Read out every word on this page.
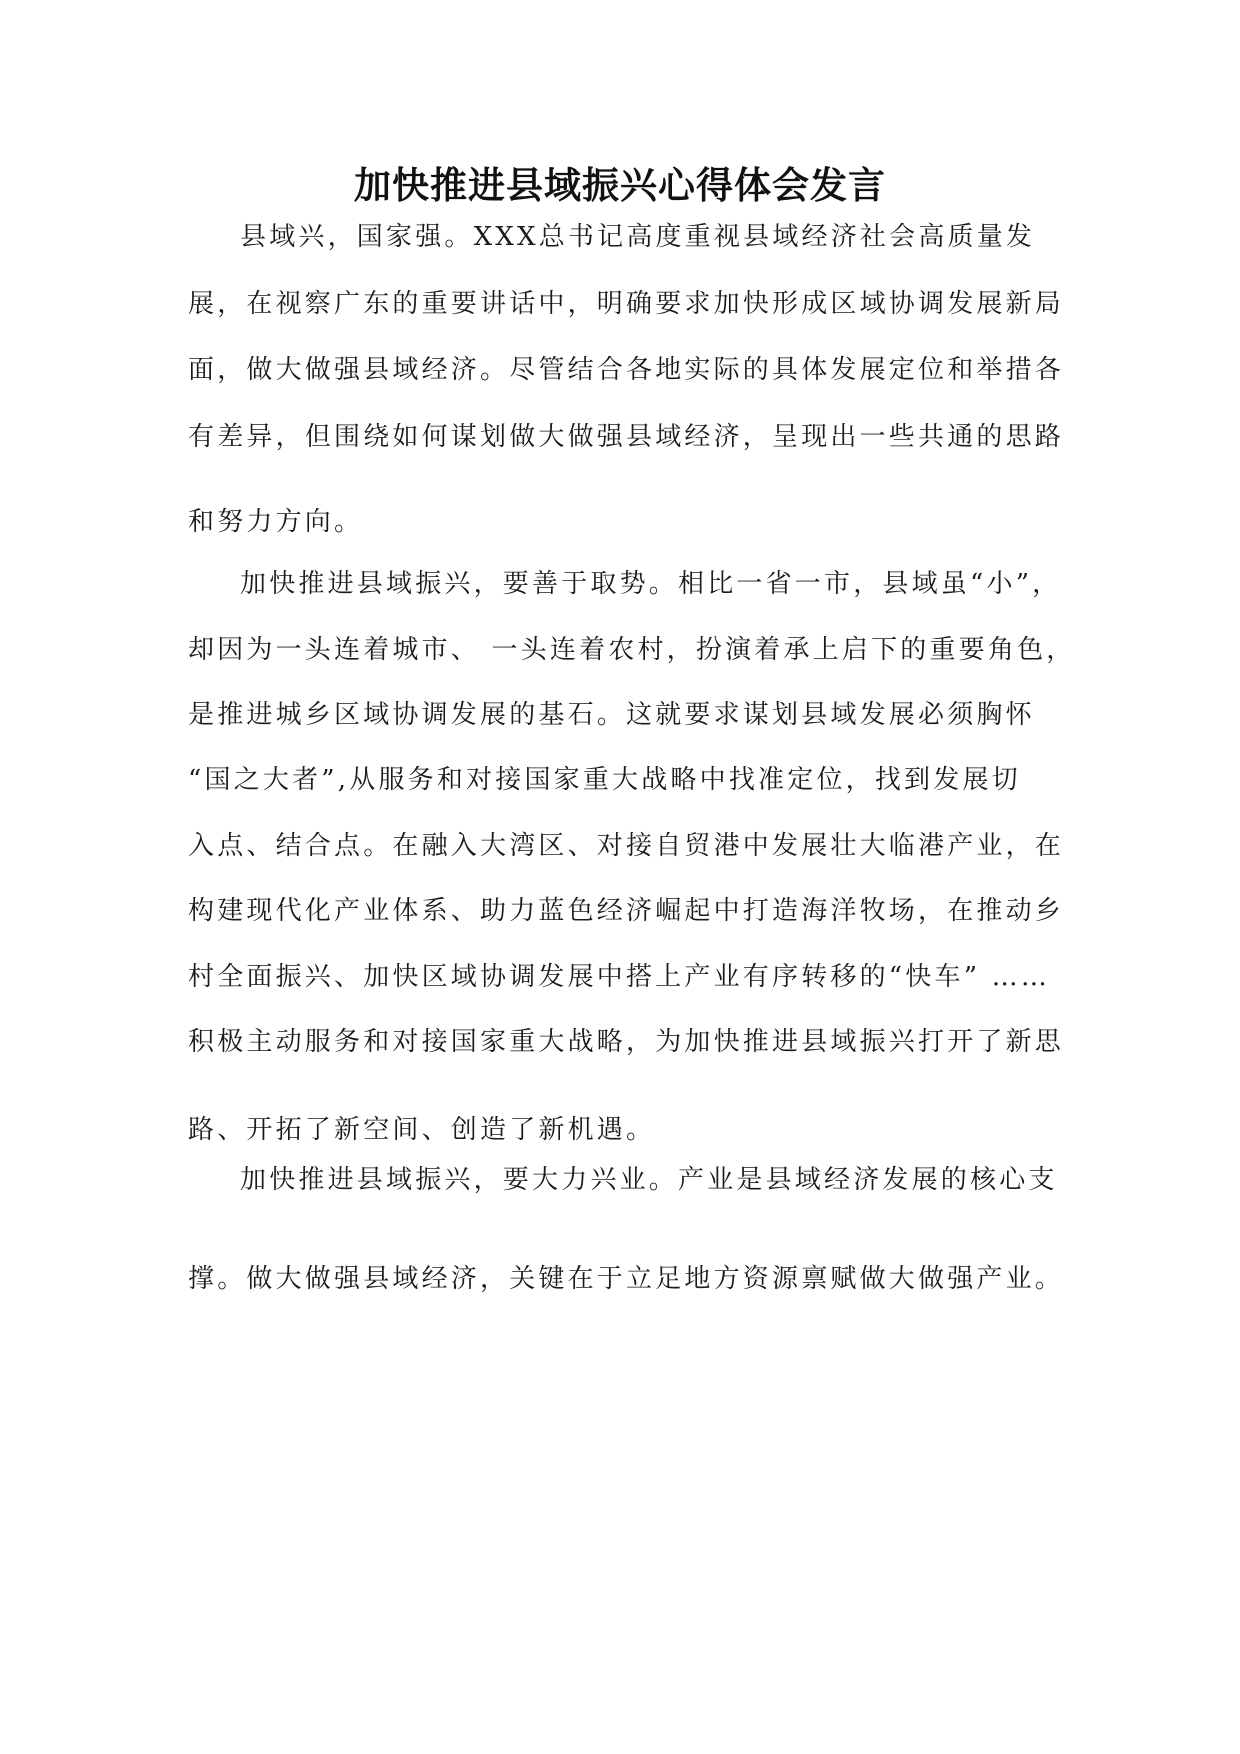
加快推进县域振兴心得体会发言
县域兴，国家强。XXX总书记高度重视县域经济社会高质量发
展，在视察广东的重要讲话中，明确要求加快形成区域协调发展新局
面，做大做强县域经济。尽管结合各地实际的具体发展定位和举措各
有差异，但围绕如何谋划做大做强县域经济，呈现出一些共通的思路
和努力方向。
加快推进县域振兴，要善于取势。相比一省一市，县域虽“小”，
却因为一头连着城市、 一头连着农村，扮演着承上启下的重要角色，
是推进城乡区域协调发展的基石。这就要求谋划县域发展必须胸怀
“国之大者”,从服务和对接国家重大战略中找准定位，找到发展切
入点、结合点。在融入大湾区、对接自贸港中发展壮大临港产业，在
构建现代化产业体系、助力蓝色经济崛起中打造海洋牧场，在推动乡
村全面振兴、加快区域协调发展中搭上产业有序转移的“快车” ……
积极主动服务和对接国家重大战略，为加快推进县域振兴打开了新思
路、开拓了新空间、创造了新机遇。
加快推进县域振兴，要大力兴业。产业是县域经济发展的核心支
撑。做大做强县域经济，关键在于立足地方资源禀赋做大做强产业。
